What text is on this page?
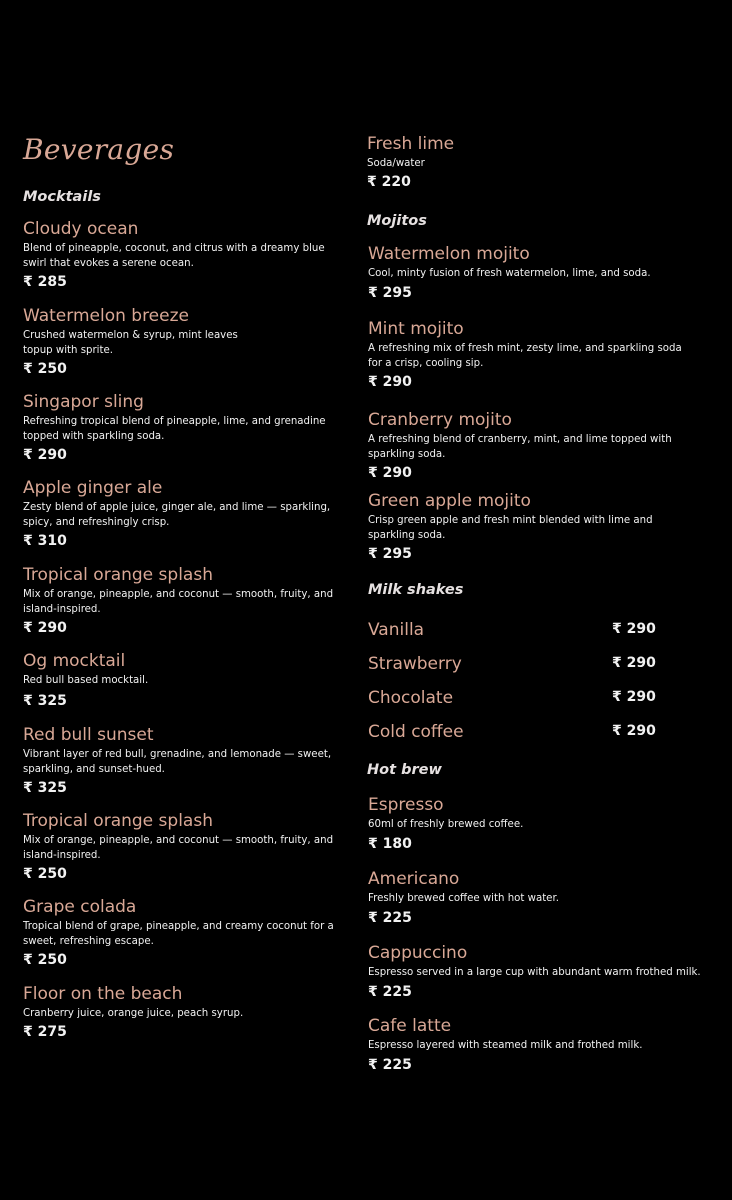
Beverages
Mocktails
Cloudy ocean
Blend of pineapple, coconut, and citrus with a dreamy blue
swirl that evokes a serene ocean.
₹ 285
Watermelon breeze
Crushed watermelon & syrup, mint leaves
topup with sprite.
₹ 250
Singapor sling
Refreshing tropical blend of pineapple, lime, and grenadine
topped with sparkling soda.
₹ 290
Apple ginger ale
Zesty blend of apple juice, ginger ale, and lime — sparkling,
spicy, and refreshingly crisp.
₹ 310
Tropical orange splash
Mix of orange, pineapple, and coconut — smooth, fruity, and
island-inspired.
₹ 290
Og mocktail
Red bull based mocktail.
₹ 325
Red bull sunset
Vibrant layer of red bull, grenadine, and lemonade — sweet,
sparkling, and sunset-hued.
₹ 325
Tropical orange splash
Mix of orange, pineapple, and coconut — smooth, fruity, and
island-inspired.
₹ 250
Grape colada
Tropical blend of grape, pineapple, and creamy coconut for a
sweet, refreshing escape.
₹ 250
Floor on the beach
Cranberry juice, orange juice, peach syrup.
₹ 275
Fresh lime
Soda/water
₹ 220
Mojitos
Watermelon mojito
Cool, minty fusion of fresh watermelon, lime, and soda.
₹ 295
Mint mojito
A refreshing mix of fresh mint, zesty lime, and sparkling soda
for a crisp, cooling sip.
₹ 290
Cranberry mojito
A refreshing blend of cranberry, mint, and lime topped with
sparkling soda.
₹ 290
Green apple mojito
Crisp green apple and fresh mint blended with lime and
sparkling soda.
₹ 295
Milk shakes
Vanilla	₹ 290
Strawberry	₹ 290
Chocolate	₹ 290
Cold coffee	₹ 290
Hot brew
Espresso
60ml of freshly brewed coffee.
₹ 180
Americano
Freshly brewed coffee with hot water.
₹ 225
Cappuccino
Espresso served in a large cup with abundant warm frothed milk.
₹ 225
Cafe latte
Espresso layered with steamed milk and frothed milk.
₹ 225
